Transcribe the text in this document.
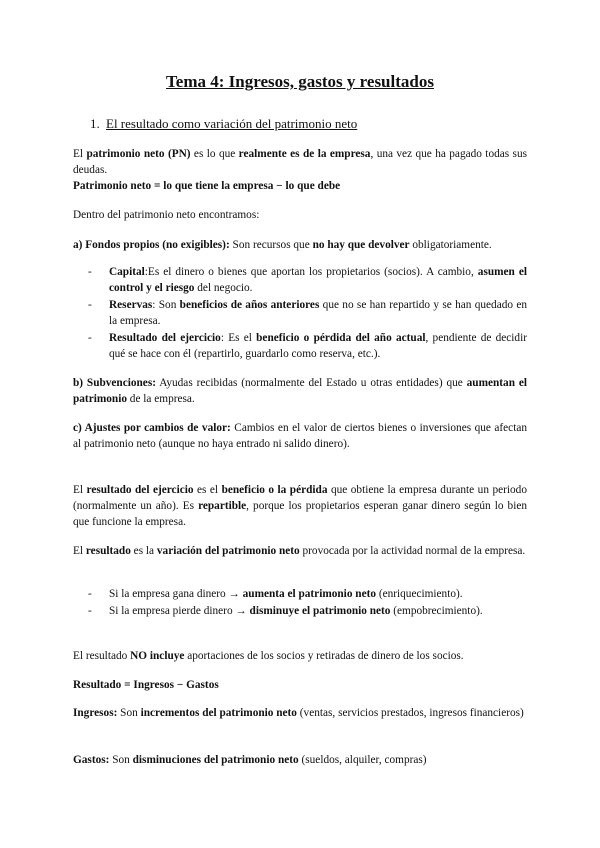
Tema 4: Ingresos, gastos y resultados
1. El resultado como variación del patrimonio neto
El patrimonio neto (PN) es lo que realmente es de la empresa, una vez que ha pagado todas sus deudas.
Patrimonio neto = lo que tiene la empresa − lo que debe
Dentro del patrimonio neto encontramos:
a) Fondos propios (no exigibles): Son recursos que no hay que devolver obligatoriamente.
-	Capital:Es el dinero o bienes que aportan los propietarios (socios). A cambio, asumen el control y el riesgo del negocio.
-	Reservas: Son beneficios de años anteriores que no se han repartido y se han quedado en la empresa.
-	Resultado del ejercicio: Es el beneficio o pérdida del año actual, pendiente de decidir qué se hace con él (repartirlo, guardarlo como reserva, etc.).
b) Subvenciones: Ayudas recibidas (normalmente del Estado u otras entidades) que aumentan el patrimonio de la empresa.
c) Ajustes por cambios de valor: Cambios en el valor de ciertos bienes o inversiones que afectan al patrimonio neto (aunque no haya entrado ni salido dinero).
El resultado del ejercicio es el beneficio o la pérdida que obtiene la empresa durante un periodo (normalmente un año). Es repartible, porque los propietarios esperan ganar dinero según lo bien que funcione la empresa.
El resultado es la variación del patrimonio neto provocada por la actividad normal de la empresa.
-	Si la empresa gana dinero → aumenta el patrimonio neto (enriquecimiento).
-	Si la empresa pierde dinero → disminuye el patrimonio neto (empobrecimiento).
El resultado NO incluye aportaciones de los socios y retiradas de dinero de los socios.
Resultado = Ingresos − Gastos
Ingresos: Son incrementos del patrimonio neto (ventas, servicios prestados, ingresos financieros)
Gastos: Son disminuciones del patrimonio neto (sueldos, alquiler, compras)
